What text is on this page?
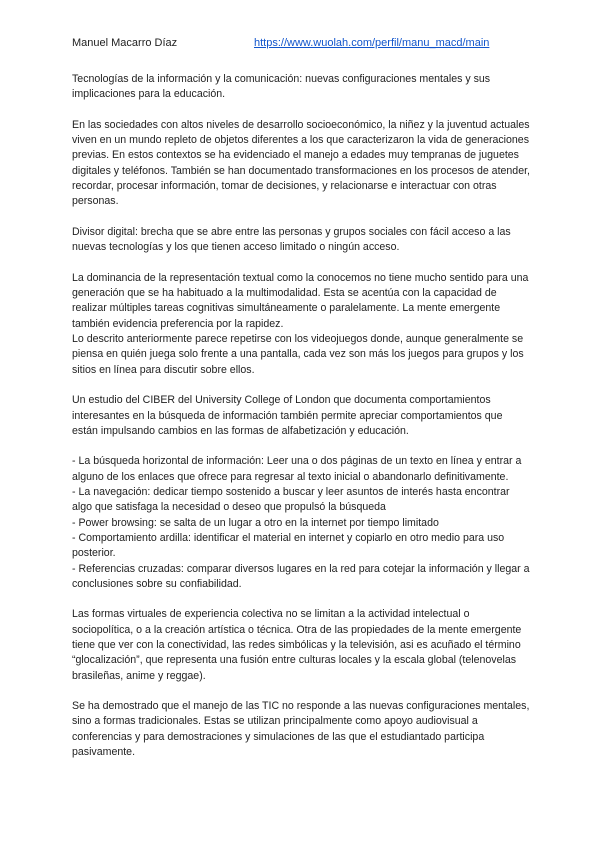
Manuel Macarro Díaz	https://www.wuolah.com/perfil/manu_macd/main

Tecnologías de la información y la comunicación: nuevas configuraciones mentales y sus implicaciones para la educación.

En las sociedades con altos niveles de desarrollo socioeconómico, la niñez y la juventud actuales viven en un mundo repleto de objetos diferentes a los que caracterizaron la vida de generaciones previas. En estos contextos se ha evidenciado el manejo a edades muy tempranas de juguetes digitales y teléfonos. También se han documentado transformaciones en los procesos de atender, recordar, procesar información, tomar de decisiones, y relacionarse e interactuar con otras personas.

Divisor digital: brecha que se abre entre las personas y grupos sociales con fácil acceso a las nuevas tecnologías y los que tienen acceso limitado o ningún acceso.

La dominancia de la representación textual como la conocemos no tiene mucho sentido para una generación que se ha habituado a la multimodalidad. Esta se acentúa con la capacidad de realizar múltiples tareas cognitivas simultáneamente o paralelamente. La mente emergente también evidencia preferencia por la rapidez.
Lo descrito anteriormente parece repetirse con los videojuegos donde, aunque generalmente se piensa en quién juega solo frente a una pantalla, cada vez son más los juegos para grupos y los sitios en línea para discutir sobre ellos.

Un estudio del CIBER del University College of London que documenta comportamientos interesantes en la búsqueda de información también permite apreciar comportamientos que están impulsando cambios en las formas de alfabetización y educación.

- La búsqueda horizontal de información: Leer una o dos páginas de un texto en línea y entrar a alguno de los enlaces que ofrece para regresar al texto inicial o abandonarlo definitivamente.
- La navegación: dedicar tiempo sostenido a buscar y leer asuntos de interés hasta encontrar algo que satisfaga la necesidad o deseo que propulsó la búsqueda
- Power browsing: se salta de un lugar a otro en la internet por tiempo limitado
- Comportamiento ardilla: identificar el material en internet y copiarlo en otro medio para uso posterior.
- Referencias cruzadas: comparar diversos lugares en la red para cotejar la información y llegar a conclusiones sobre su confiabilidad.

Las formas virtuales de experiencia colectiva no se limitan a la actividad intelectual o sociopolítica, o a la creación artística o técnica. Otra de las propiedades de la mente emergente tiene que ver con la conectividad, las redes simbólicas y la televisión, asi es acuñado el término “glocalización”, que representa una fusión entre culturas locales y la escala global (telenovelas brasileñas, anime y reggae).

Se ha demostrado que el manejo de las TIC no responde a las nuevas configuraciones mentales, sino a formas tradicionales. Estas se utilizan principalmente como apoyo audiovisual a conferencias y para demostraciones y simulaciones de las que el estudiantado participa pasivamente.
